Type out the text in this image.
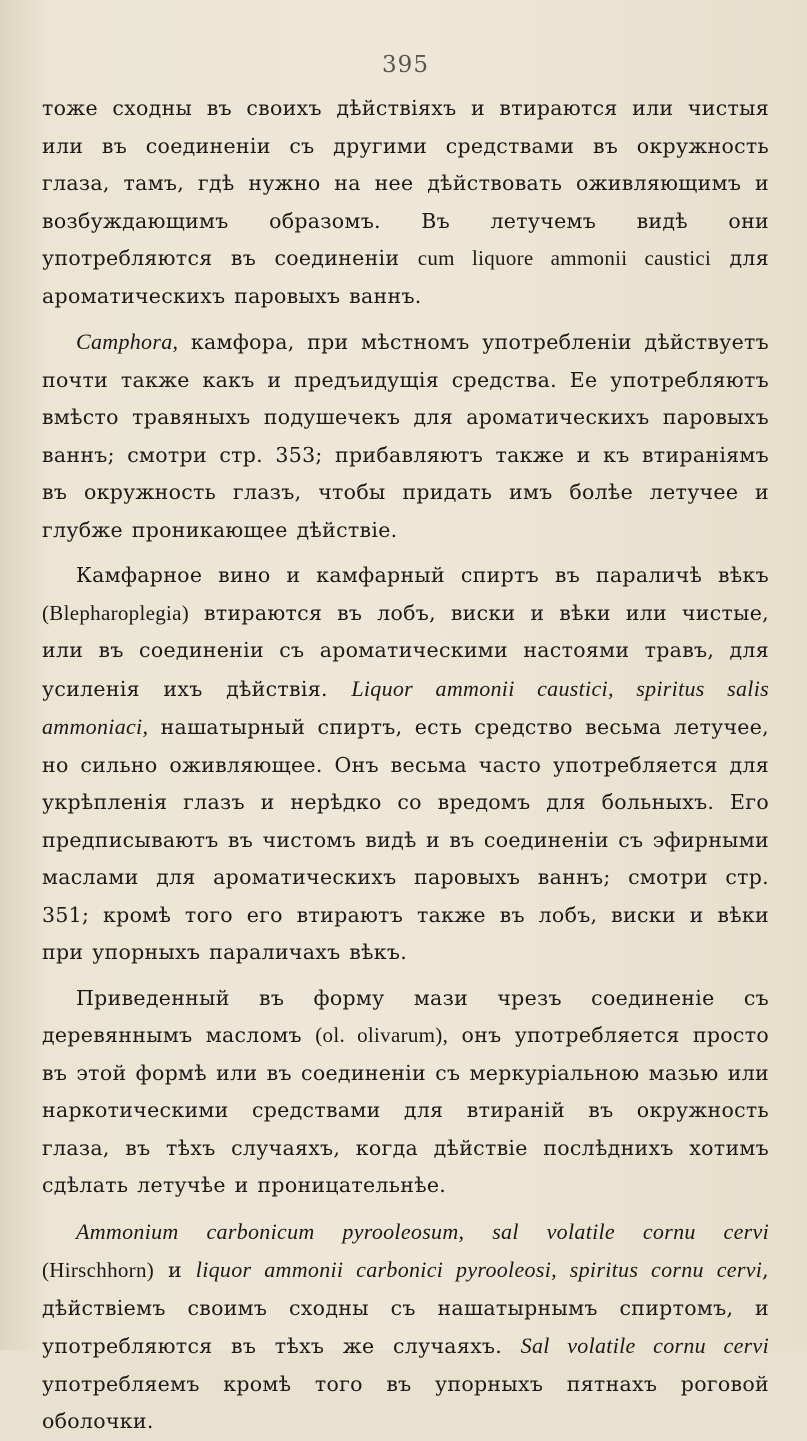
395

тоже сходны въ своихъ дѣйствіяхъ и втираются или чистыя или въ соединеніи съ другими средствами въ окружность глаза, тамъ, гдѣ нужно на нее дѣйствовать оживляющимъ и возбуждающимъ образомъ. Въ летучемъ видѣ они употребляются въ соединеніи cum liquore ammonii caustici для ароматическихъ паровыхъ ваннъ.

Camphora, камфора, при мѣстномъ употребленіи дѣйствуетъ почти также какъ и предъидущія средства. Ее употребляютъ вмѣсто травяныхъ подушечекъ для ароматическихъ паровыхъ ваннъ; смотри стр. 353; прибавляютъ также и къ втираніямъ въ окружность глазъ, чтобы придать имъ болѣе летучее и глубже проникающее дѣйствіе.

Камфарное вино и камфарный спиртъ въ параличѣ вѣкъ (Blepharoplegia) втираются въ лобъ, виски и вѣки или чистые, или въ соединеніи съ ароматическими настоями травъ, для усиленія ихъ дѣйствія. Liquor ammonii caustici, spiritus salis ammoniaci, нашатырный спиртъ, есть средство весьма летучее, но сильно оживляющее. Онъ весьма часто употребляется для укрѣпленія глазъ и нерѣдко со вредомъ для больныхъ. Его предписываютъ въ чистомъ видѣ и въ соединеніи съ эфирными маслами для ароматическихъ паровыхъ ваннъ; смотри стр. 351; кромѣ того его втираютъ также въ лобъ, виски и вѣки при упорныхъ параличахъ вѣкъ.

Приведенный въ форму мази чрезъ соединеніе съ деревяннымъ масломъ (ol. olivarum), онъ употребляется просто въ этой формѣ или въ соединеніи съ меркуріальною мазью или наркотическими средствами для втираній въ окружность глаза, въ тѣхъ случаяхъ, когда дѣйствіе послѣднихъ хотимъ сдѣлать летучѣе и проницательнѣе.

Ammonium carbonicum pyrooleosum, sal volatile cornu cervi (Hirschhorn) и liquor ammonii carbonici pyrooleosi, spiritus cornu cervi, дѣйствіемъ своимъ сходны съ нашатырнымъ спиртомъ, и употребляются въ тѣхъ же случаяхъ. Sal volatile cornu cervi употребляемъ кромѣ того въ упорныхъ пятнахъ роговой оболочки.
